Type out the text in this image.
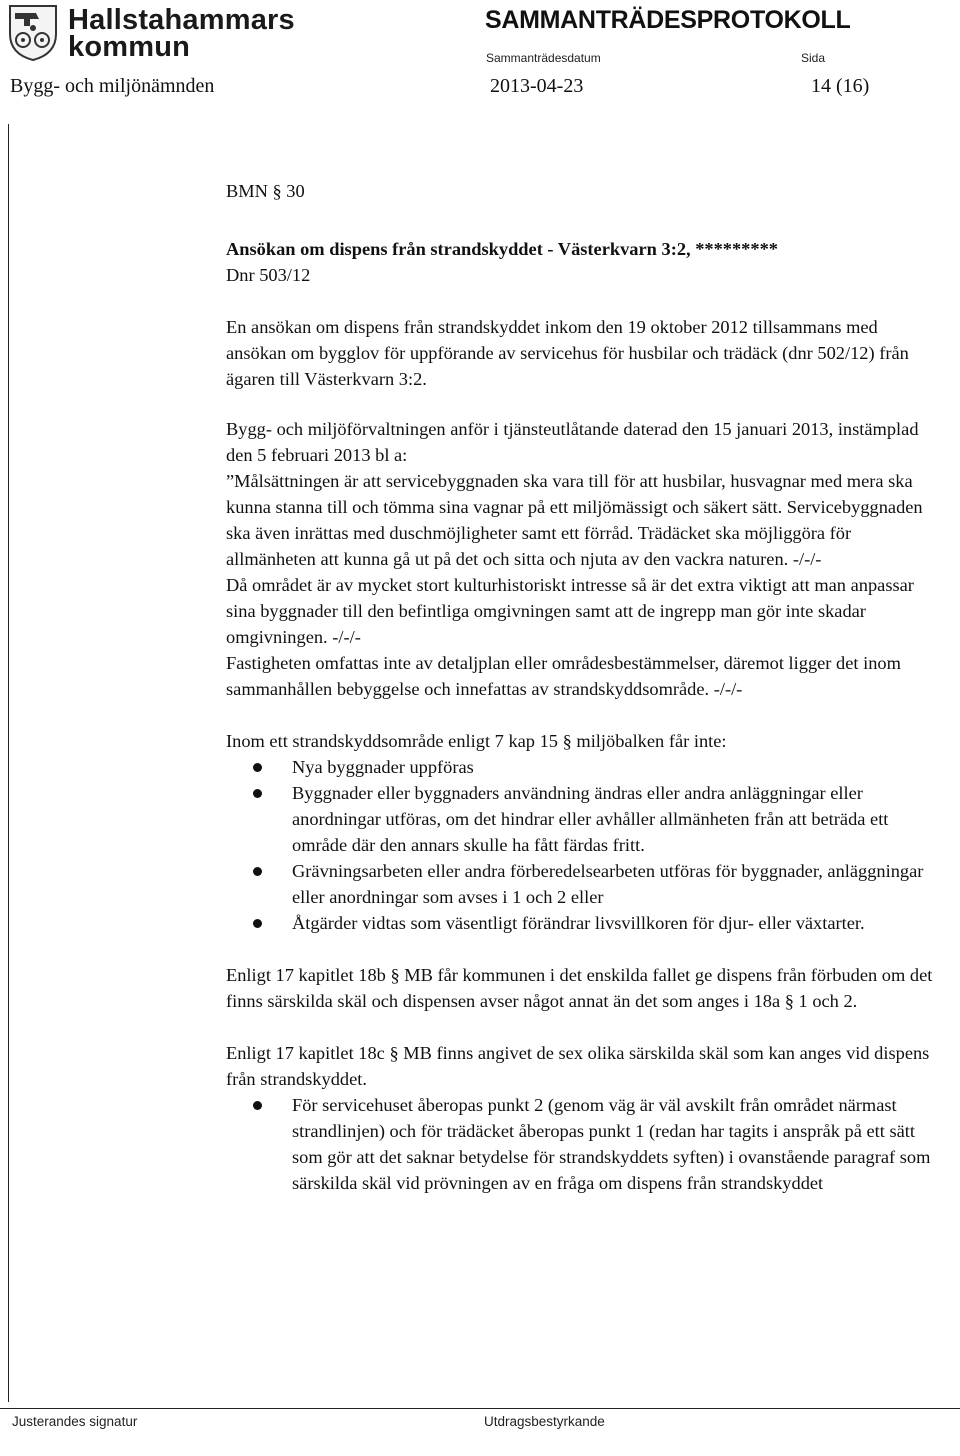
Hallstahammars
kommun
SAMMANTRÄDESPROTOKOLL
Sammanträdesdatum	Sida
Bygg- och miljönämnden	2013-04-23	14 (16)

BMN § 30

Ansökan om dispens från strandskyddet - Västerkvarn 3:2, *********

Dnr 503/12

En ansökan om dispens från strandskyddet inkom den 19 oktober 2012 tillsammans med ansökan om bygglov för uppförande av servicehus för husbilar och trädäck (dnr 502/12) från ägaren till Västerkvarn 3:2.

Bygg- och miljöförvaltningen anför i tjänsteutlåtande daterad den 15 januari 2013, instämplad den 5 februari 2013 bl a:

”Målsättningen är att servicebyggnaden ska vara till för att husbilar, husvagnar med mera ska kunna stanna till och tömma sina vagnar på ett miljömässigt och säkert sätt. Servicebyggnaden ska även inrättas med duschmöjligheter samt ett förråd. Trädäcket ska möjliggöra för allmänheten att kunna gå ut på det och sitta och njuta av den vackra naturen. -/-/-

Då området är av mycket stort kulturhistoriskt intresse så är det extra viktigt att man anpassar sina byggnader till den befintliga omgivningen samt att de ingrepp man gör inte skadar omgivningen. -/-/-

Fastigheten omfattas inte av detaljplan eller områdesbestämmelser, däremot ligger det inom sammanhållen bebyggelse och innefattas av strandskyddsområde. -/-/-

Inom ett strandskyddsområde enligt 7 kap 15 § miljöbalken får inte:

Nya byggnader uppföras
Byggnader eller byggnaders användning ändras eller andra anläggningar eller anordningar utföras, om det hindrar eller avhåller allmänheten från att beträda ett område där den annars skulle ha fått färdas fritt.
Grävningsarbeten eller andra förberedelsearbeten utföras för byggnader, anläggningar eller anordningar som avses i 1 och 2 eller
Åtgärder vidtas som väsentligt förändrar livsvillkoren för djur- eller växtarter.

Enligt 17 kapitlet 18b § MB får kommunen i det enskilda fallet ge dispens från förbuden om det finns särskilda skäl och dispensen avser något annat än det som anges i 18a § 1 och 2.

Enligt 17 kapitlet 18c § MB finns angivet de sex olika särskilda skäl som kan anges vid dispens från strandskyddet.

För servicehuset åberopas punkt 2 (genom väg är väl avskilt från området närmast strandlinjen) och för trädäcket åberopas punkt 1 (redan har tagits i anspråk på ett sätt som gör att det saknar betydelse för strandskyddets syften) i ovanstående paragraf som särskilda skäl vid prövningen av en fråga om dispens från strandskyddet
Justerandes signatur	Utdragsbestyrkande
